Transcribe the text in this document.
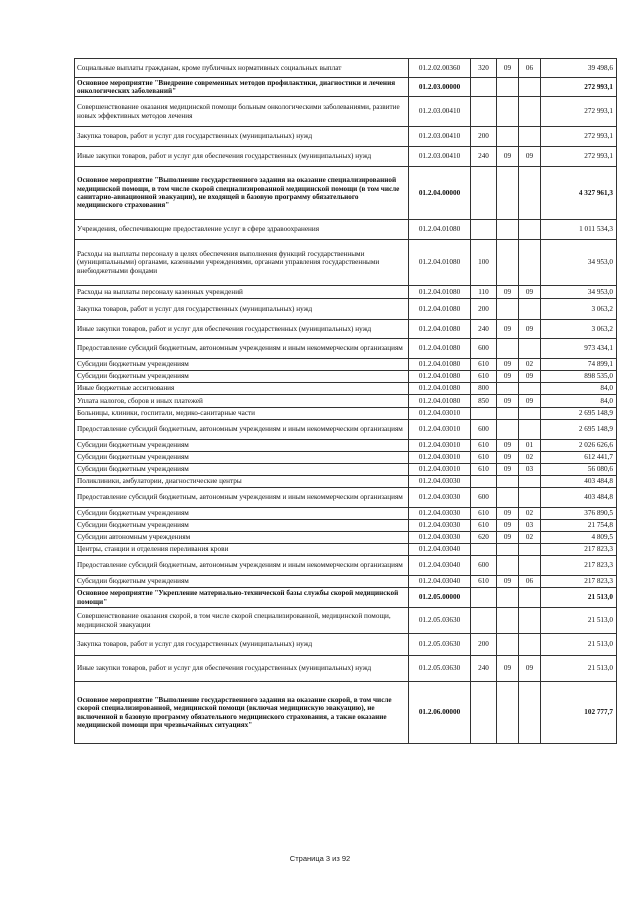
Социальные выплаты гражданам, кроме публичных нормативных социальных выплат	01.2.02.00360	320	09	06	39 498,6
Основное мероприятие "Внедрение современных методов профилактики, диагностики и лечения онкологических заболеваний"	01.2.03.00000				272 993,1
Совершенствование оказания медицинской помощи больным онкологическими заболеваниями, развитие новых эффективных методов лечения	01.2.03.00410				272 993,1
Закупка товаров, работ и услуг для государственных (муниципальных) нужд	01.2.03.00410	200			272 993,1
Иные закупки товаров, работ и услуг для обеспечения государственных (муниципальных) нужд	01.2.03.00410	240	09	09	272 993,1
Основное мероприятие "Выполнение государственного задания на оказание специализированной медицинской помощи, в том числе скорой специализированной медицинской помощи (в том числе санитарно-авиационной эвакуации), не входящей в базовую программу обязательного медицинского страхования"	01.2.04.00000				4 327 961,3
Учреждения, обеспечивающие предоставление услуг в сфере здравоохранения	01.2.04.01080				1 011 534,3
Расходы на выплаты персоналу в целях обеспечения выполнения функций государственными (муниципальными) органами, казенными учреждениями, органами управления государственными внебюджетными фондами	01.2.04.01080	100			34 953,0
Расходы на выплаты персоналу казенных учреждений	01.2.04.01080	110	09	09	34 953,0
Закупка товаров, работ и услуг для государственных (муниципальных) нужд	01.2.04.01080	200			3 063,2
Иные закупки товаров, работ и услуг для обеспечения государственных (муниципальных) нужд	01.2.04.01080	240	09	09	3 063,2
Предоставление субсидий бюджетным, автономным учреждениям и иным некоммерческим организациям	01.2.04.01080	600			973 434,1
Субсидии бюджетным учреждениям	01.2.04.01080	610	09	02	74 899,1
Субсидии бюджетным учреждениям	01.2.04.01080	610	09	09	898 535,0
Иные бюджетные ассигнования	01.2.04.01080	800			84,0
Уплата налогов, сборов и иных платежей	01.2.04.01080	850	09	09	84,0
Больницы, клиники, госпитали, медико-санитарные части	01.2.04.03010				2 695 148,9
Предоставление субсидий бюджетным, автономным учреждениям и иным некоммерческим организациям	01.2.04.03010	600			2 695 148,9
Субсидии бюджетным учреждениям	01.2.04.03010	610	09	01	2 026 626,6
Субсидии бюджетным учреждениям	01.2.04.03010	610	09	02	612 441,7
Субсидии бюджетным учреждениям	01.2.04.03010	610	09	03	56 080,6
Поликлиники, амбулатории, диагностические центры	01.2.04.03030				403 484,8
Предоставление субсидий бюджетным, автономным учреждениям и иным некоммерческим организациям	01.2.04.03030	600			403 484,8
Субсидии бюджетным учреждениям	01.2.04.03030	610	09	02	376 890,5
Субсидии бюджетным учреждениям	01.2.04.03030	610	09	03	21 754,8
Субсидии автономным учреждениям	01.2.04.03030	620	09	02	4 809,5
Центры, станции и отделения переливания крови	01.2.04.03040				217 823,3
Предоставление субсидий бюджетным, автономным учреждениям и иным некоммерческим организациям	01.2.04.03040	600			217 823,3
Субсидии бюджетным учреждениям	01.2.04.03040	610	09	06	217 823,3
Основное мероприятие "Укрепление материально-технической базы службы скорой медицинской помощи"	01.2.05.00000				21 513,0
Совершенствование оказания скорой, в том числе скорой специализированной, медицинской помощи, медицинской эвакуации	01.2.05.03630				21 513,0
Закупка товаров, работ и услуг для государственных (муниципальных) нужд	01.2.05.03630	200			21 513,0
Иные закупки товаров, работ и услуг для обеспечения государственных (муниципальных) нужд	01.2.05.03630	240	09	09	21 513,0
Основное мероприятие "Выполнение государственного задания на оказание скорой, в том числе скорой специализированной, медицинской помощи (включая медицинскую эвакуацию), не включенной в базовую программу обязательного медицинского страхования, а также оказание медицинской помощи при чрезвычайных ситуациях"	01.2.06.00000				102 777,7
Страница 3 из 92
